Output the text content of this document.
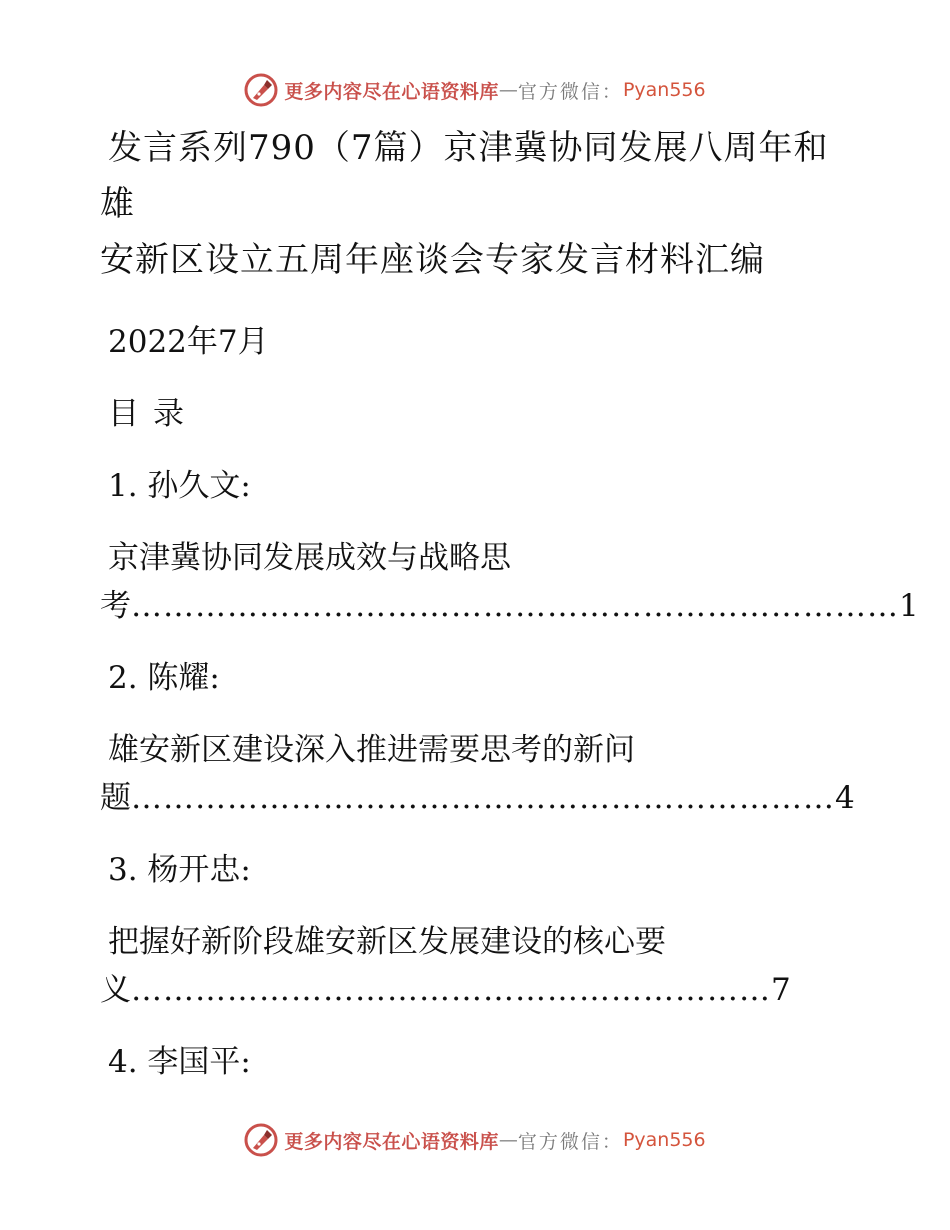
更多内容尽在心语资料库 — 官方微信： Pyan556
发言系列790（7篇）京津冀协同发展八周年和雄
安新区设立五周年座谈会专家发言材料汇编

2022年7月

目录

1. 孙久文:

京津冀协同发展成效与战略思

考………………………………………………………………1

2. 陈耀:

雄安新区建设深入推进需要思考的新问

题…………………………………………………………4

3. 杨开忠:

把握好新阶段雄安新区发展建设的核心要

义……………………………………………………7

4. 李国平:

更多内容尽在心语资料库 — 官方微信： Pyan556
